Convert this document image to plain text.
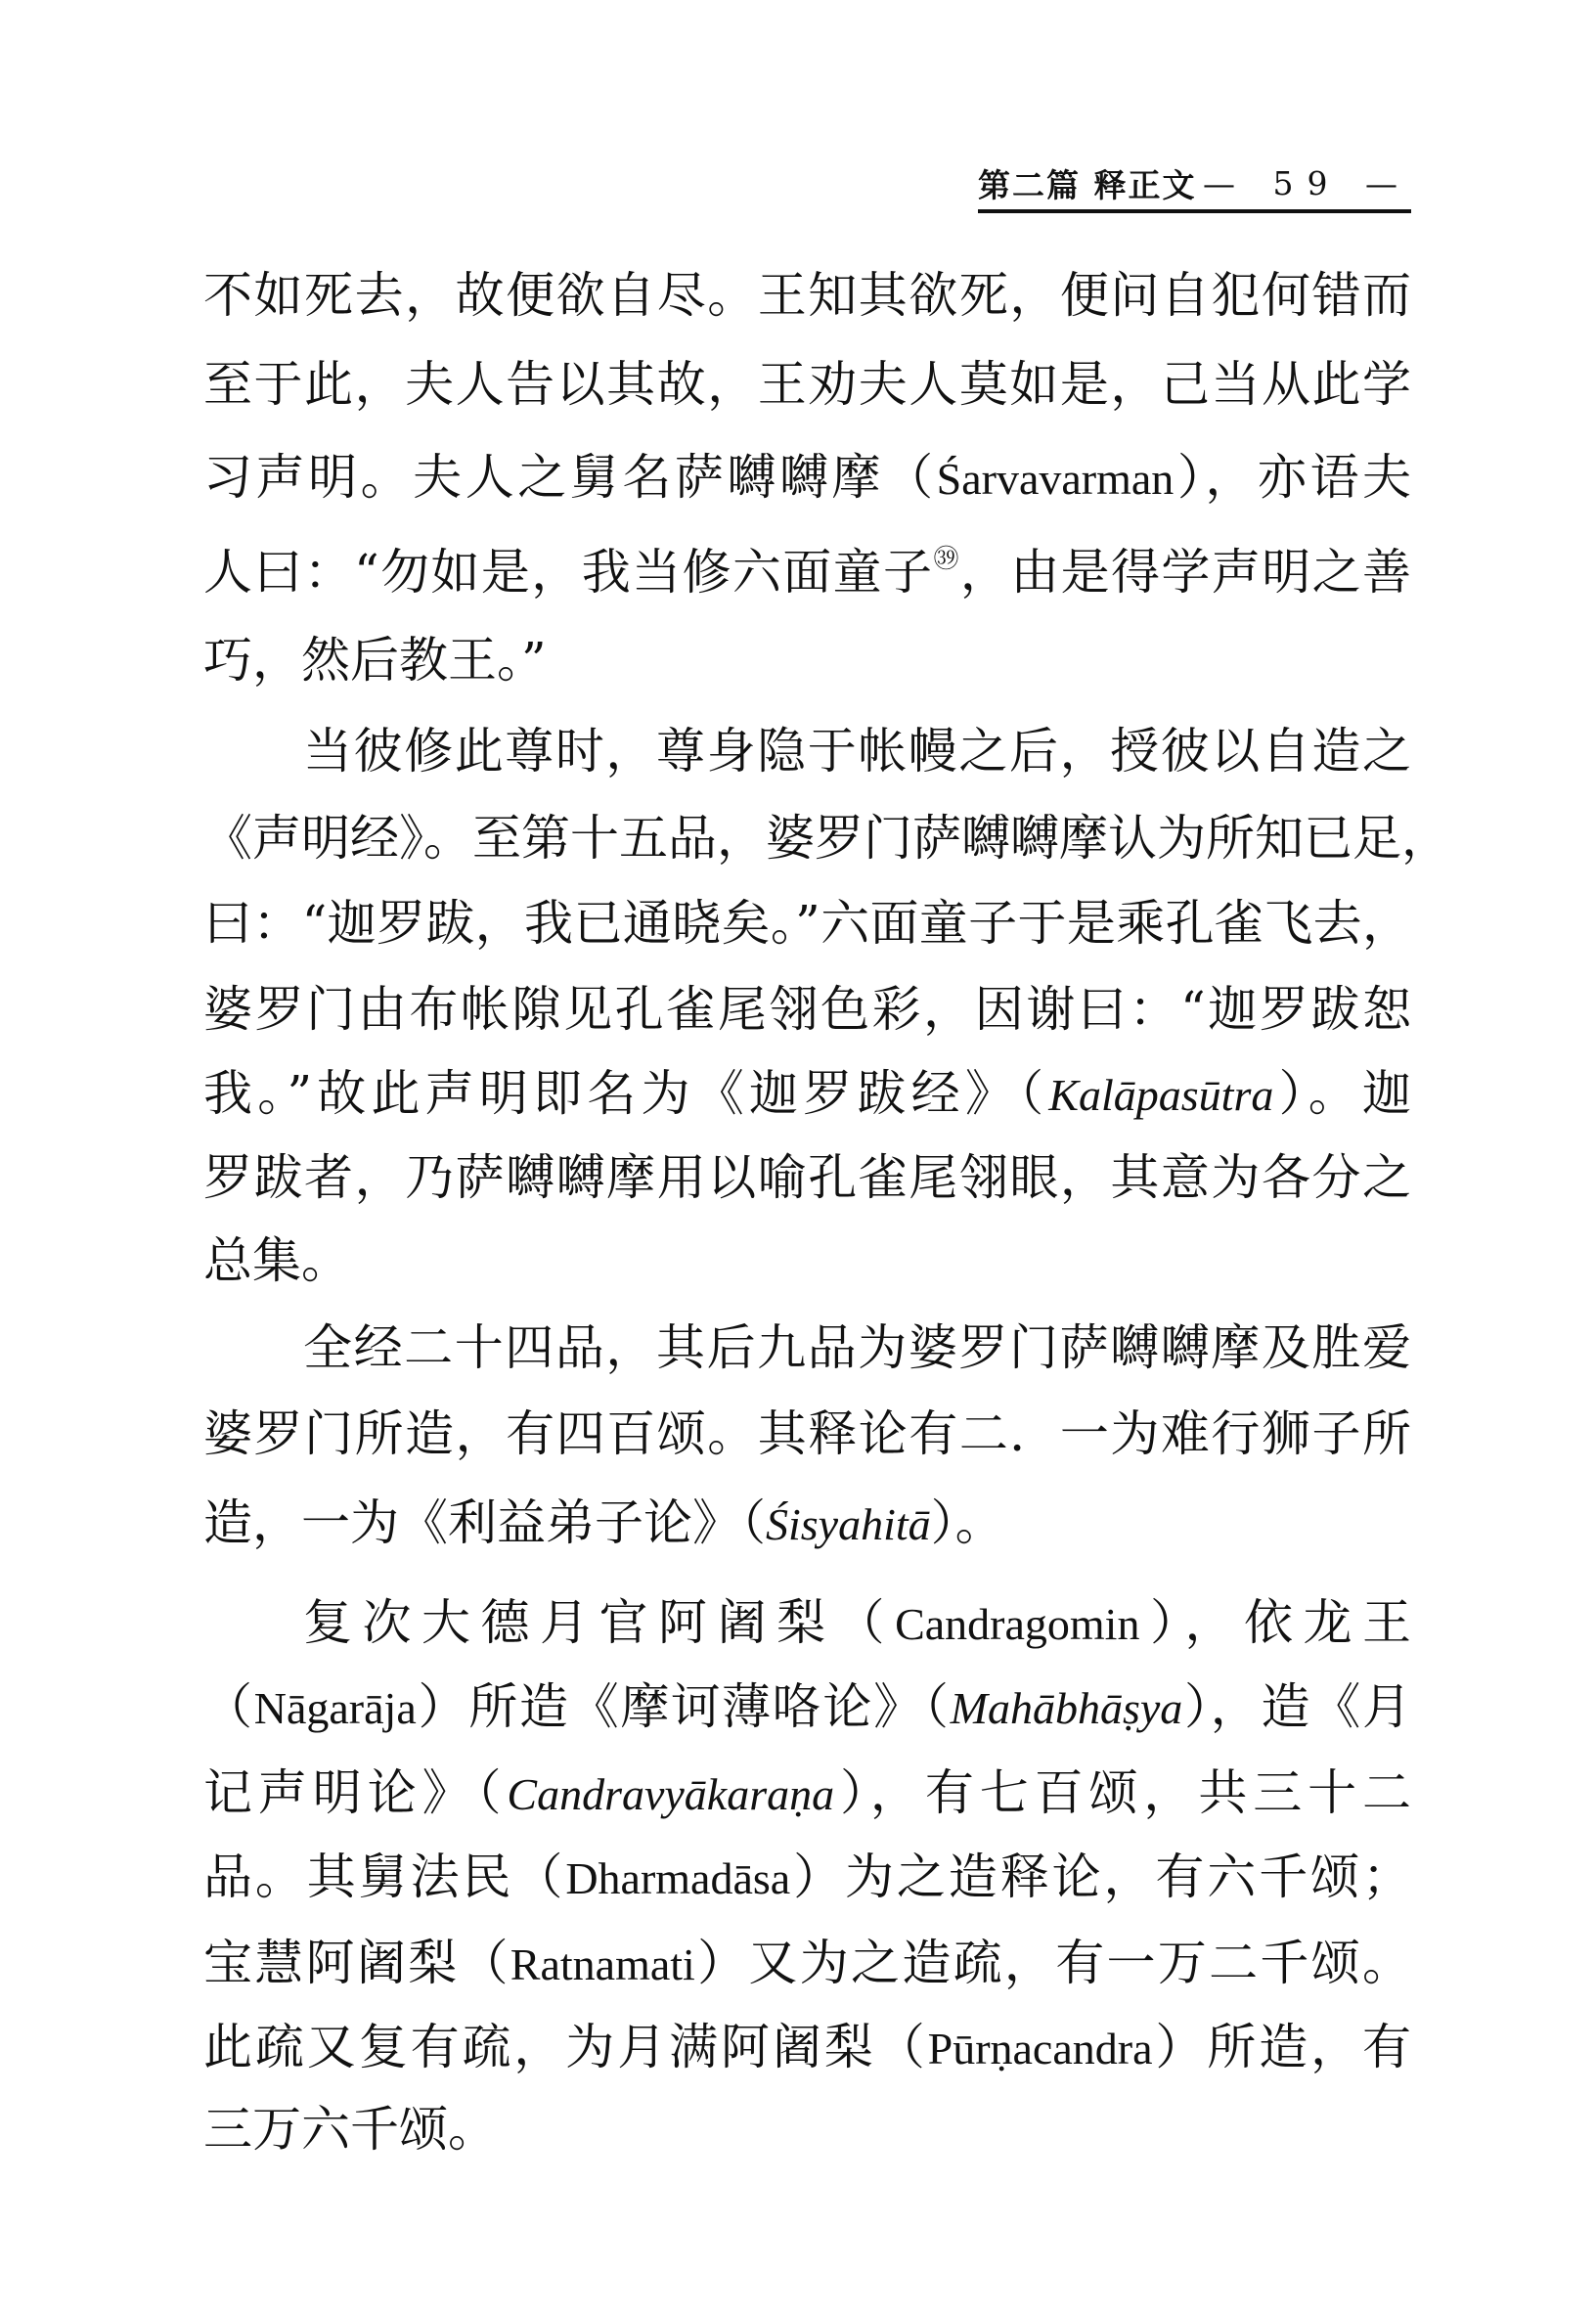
第二篇 释正文 — 59 —
不如死去，故便欲自尽。王知其欲死，便问自犯何错而
至于此，夫人告以其故，王劝夫人莫如是，己当从此学
习声明。夫人之舅名萨嚩嚩摩（Śarvavarman），亦语夫
人曰：“勿如是，我当修六面童子$^㊴$，由是得学声明之善
巧，然后教王。”
当彼修此尊时，尊身隐于帐幔之后，授彼以自造之
《声明经》。至第十五品，婆罗门萨嚩嚩摩认为所知已足，
曰：“迦罗跋，我已通晓矣。”六面童子于是乘孔雀飞去，
婆罗门由布帐隙见孔雀尾翎色彩，因谢曰：“迦罗跋恕
我。”故此声明即名为《迦罗跋经》（Kalāpasūtra）。迦
罗跋者，乃萨嚩嚩摩用以喻孔雀尾翎眼，其意为各分之
总集。
全经二十四品，其后九品为婆罗门萨嚩嚩摩及胜爱
婆罗门所造，有四百颂。其释论有二．一为难行狮子所
造，一为《利益弟子论》（Śisyahitā）。
复次大德月官阿阇梨（Candragomin），依龙王
（Nāgarāja）所造《摩诃薄咯论》（Mahābhāṣya），造《月
记声明论》（Candravyākaraṇa），有七百颂，共三十二
品。其舅法民（Dharmadāsa）为之造释论，有六千颂；
宝慧阿阇梨（Ratnamati）又为之造疏，有一万二千颂。
此疏又复有疏，为月满阿阇梨（Pūrṇacandra）所造，有
三万六千颂。
